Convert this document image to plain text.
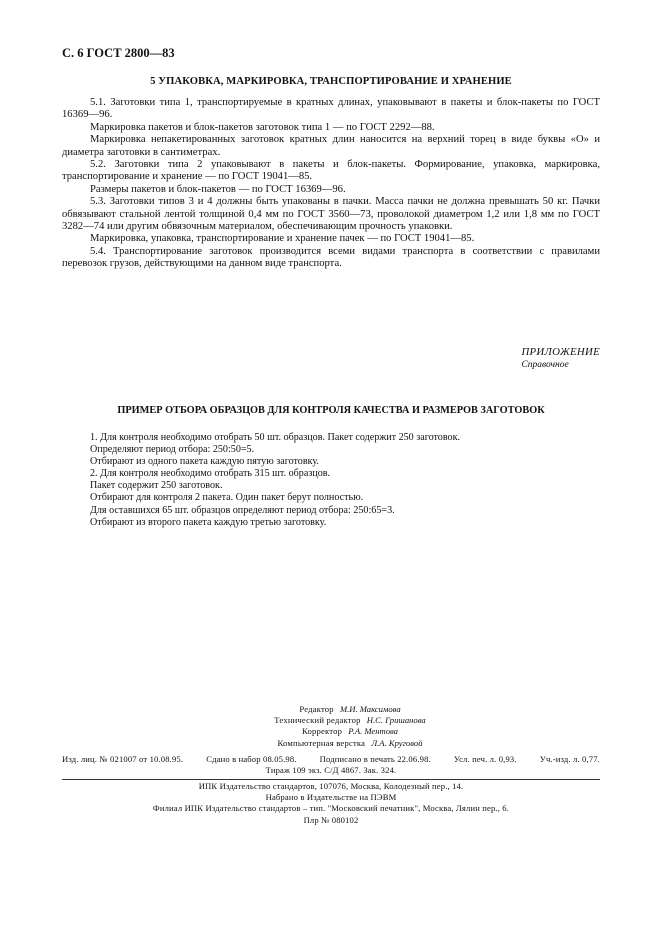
С. 6 ГОСТ 2800—83
5 УПАКОВКА, МАРКИРОВКА, ТРАНСПОРТИРОВАНИЕ И ХРАНЕНИЕ

5.1. Заготовки типа 1, транспортируемые в кратных длинах, упаковывают в пакеты и блок-пакеты по ГОСТ 16369—96.

Маркировка пакетов и блок-пакетов заготовок типа 1 — по ГОСТ 2292—88.

Маркировка непакетированных заготовок кратных длин наносится на верхний торец в виде буквы «О» и диаметра заготовки в сантиметрах.

5.2. Заготовки типа 2 упаковывают в пакеты и блок-пакеты. Формирование, упаковка, маркировка, транспортирование и хранение — по ГОСТ 19041—85.

Размеры пакетов и блок-пакетов — по ГОСТ 16369—96.

5.3. Заготовки типов 3 и 4 должны быть упакованы в пачки. Масса пачки не должна превышать 50 кг. Пачки обвязывают стальной лентой толщиной 0,4 мм по ГОСТ 3560—73, проволокой диаметром 1,2 или 1,8 мм по ГОСТ 3282—74 или другим обвязочным материалом, обеспечивающим прочность упаковки.

Маркировка, упаковка, транспортирование и хранение пачек — по ГОСТ 19041—85.

5.4. Транспортирование заготовок производится всеми видами транспорта в соответствии с правилами перевозок грузов, действующими на данном виде транспорта.

ПРИЛОЖЕНИЕ
Справочное
ПРИМЕР ОТБОРА ОБРАЗЦОВ ДЛЯ КОНТРОЛЯ КАЧЕСТВА И РАЗМЕРОВ ЗАГОТОВОК

1. Для контроля необходимо отобрать 50 шт. образцов. Пакет содержит 250 заготовок.

Определяют период отбора: 250:50=5.

Отбирают из одного пакета каждую пятую заготовку.

2. Для контроля необходимо отобрать 315 шт. образцов.

Пакет содержит 250 заготовок.

Отбирают для контроля 2 пакета. Один пакет берут полностью.

Для оставшихся 65 шт. образцов определяют период отбора: 250:65=3.

Отбирают из второго пакета каждую третью заготовку.

Редактор М.И. Максимова
Технический редактор Н.С. Гришанова
Корректор Р.А. Ментова
Компьютерная верстка Л.А. Круговой
Изд. лиц. № 021007 от 10.08.95.	Сдано в набор 08.05.98.	Подписано в печать 22.06.98.	Усл. печ. л. 0,93.	Уч.-изд. л. 0,77.
Тираж 109 экз. С/Д 4867. Зак. 324.
ИПК Издательство стандартов, 107076, Москва, Колодезный пер., 14.
Набрано в Издательстве на ПЭВМ
Филиал ИПК Издательство стандартов – тип. "Московский печатник", Москва, Лялин пер., 6.
Плр № 080102
